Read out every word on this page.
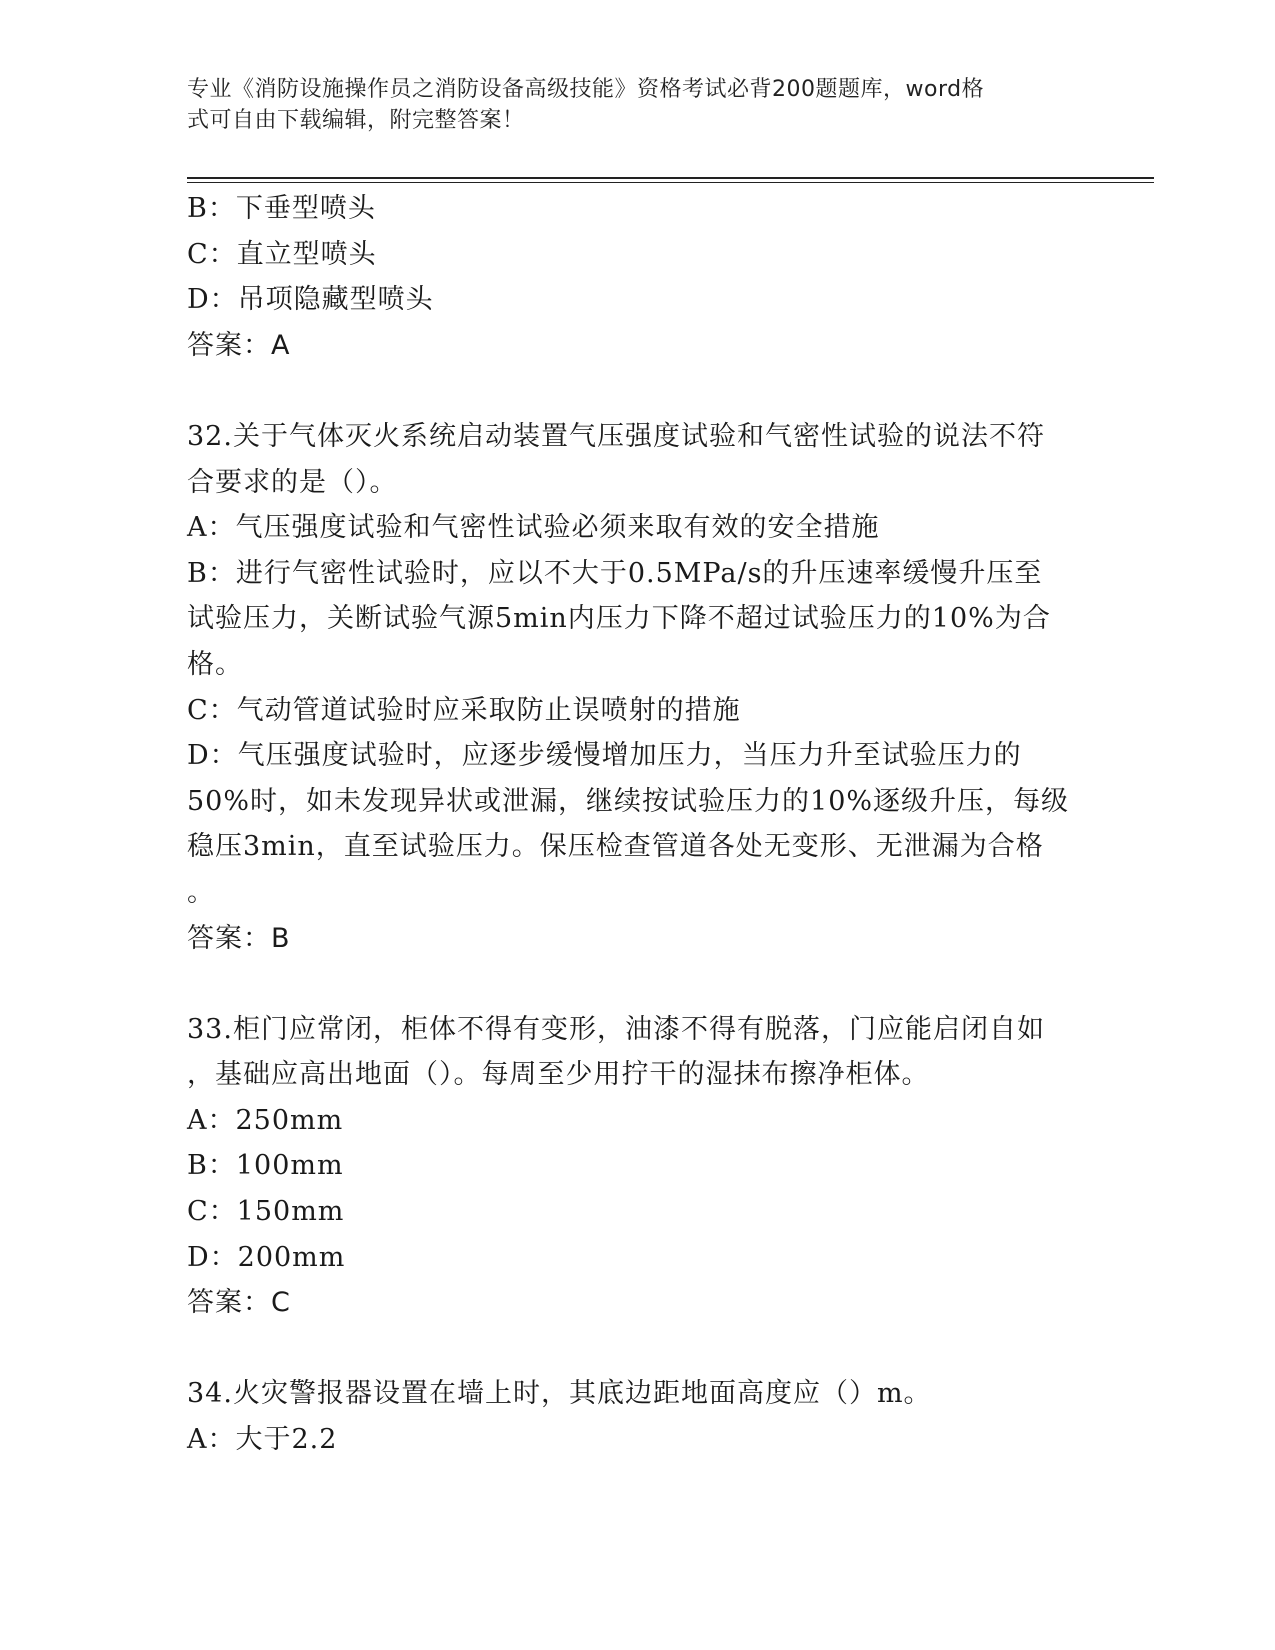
专业《消防设施操作员之消防设备高级技能》资格考试必背200题题库，word格
式可自由下载编辑，附完整答案！
B：下垂型喷头
C：直立型喷头
D：吊项隐藏型喷头
答案：A
32.关于气体灭火系统启动装置气压强度试验和气密性试验的说法不符
合要求的是（）。
A：气压强度试验和气密性试验必须来取有效的安全措施
B：进行气密性试验时，应以不大于0.5MPa/s的升压速率缓慢升压至
试验压力，关断试验气源5min内压力下降不超过试验压力的10%为合
格。
C：气动管道试验时应采取防止误喷射的措施
D：气压强度试验时，应逐步缓慢增加压力，当压力升至试验压力的
50%时，如未发现异状或泄漏，继续按试验压力的10%逐级升压，每级
稳压3min，直至试验压力。保压检查管道各处无变形、无泄漏为合格
。
答案：B
33.柜门应常闭，柜体不得有变形，油漆不得有脱落，门应能启闭自如
，基础应高出地面（）。每周至少用拧干的湿抹布擦净柜体。
A：250mm
B：100mm
C：150mm
D：200mm
答案：C
34.火灾警报器设置在墙上时，其底边距地面高度应（）m。
A：大于2.2
